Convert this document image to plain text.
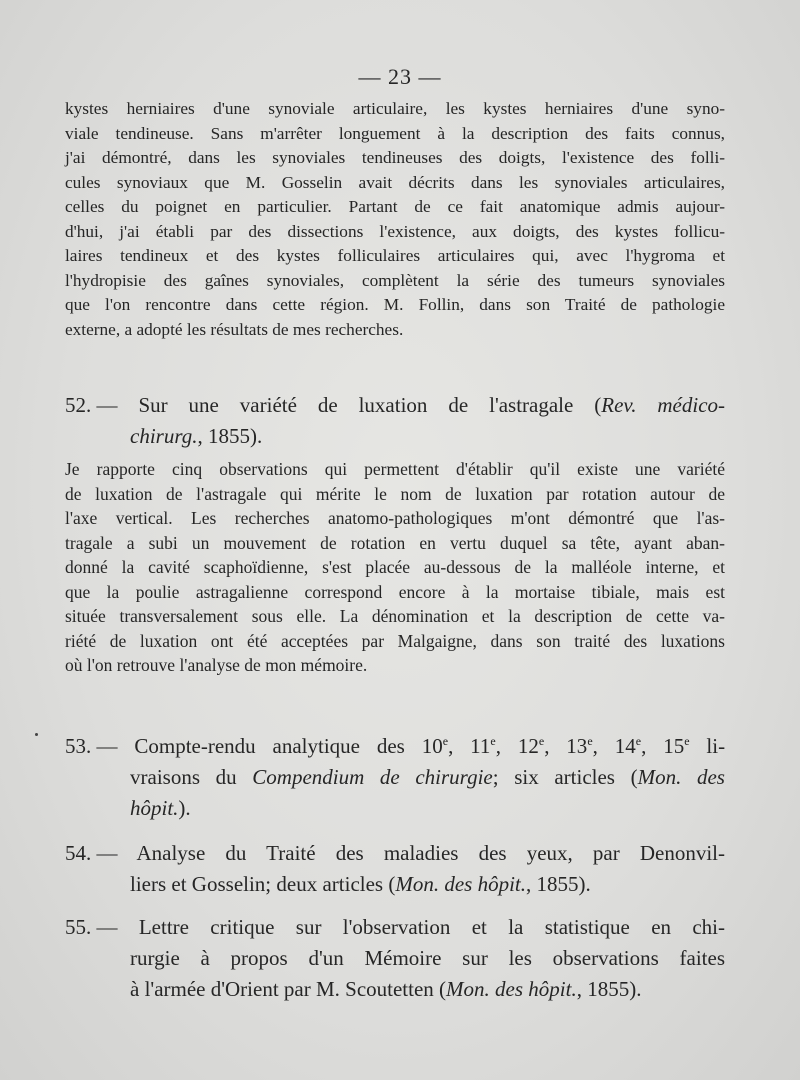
— 23 —
kystes herniaires d'une synoviale articulaire, les kystes herniaires d'une syno-
viale tendineuse. Sans m'arrêter longuement à la description des faits connus,
j'ai démontré, dans les synoviales tendineuses des doigts, l'existence des folli-
cules synoviaux que M. Gosselin avait décrits dans les synoviales articulaires,
celles du poignet en particulier. Partant de ce fait anatomique admis aujour-
d'hui, j'ai établi par des dissections l'existence, aux doigts, des kystes follicu-
laires tendineux et des kystes folliculaires articulaires qui, avec l'hygroma et
l'hydropisie des gaînes synoviales, complètent la série des tumeurs synoviales
que l'on rencontre dans cette région. M. Follin, dans son Traité de pathologie
externe, a adopté les résultats de mes recherches.
52. — Sur une variété de luxation de l'astragale (Rev. médico-
chirurg., 1855).
Je rapporte cinq observations qui permettent d'établir qu'il existe une variété
de luxation de l'astragale qui mérite le nom de luxation par rotation autour de
l'axe vertical. Les recherches anatomo-pathologiques m'ont démontré que l'as-
tragale a subi un mouvement de rotation en vertu duquel sa tête, ayant aban-
donné la cavité scaphoïdienne, s'est placée au-dessous de la malléole interne, et
que la poulie astragalienne correspond encore à la mortaise tibiale, mais est
située transversalement sous elle. La dénomination et la description de cette va-
riété de luxation ont été acceptées par Malgaigne, dans son traité des luxations
où l'on retrouve l'analyse de mon mémoire.
53. — Compte-rendu analytique des 10e, 11e, 12e, 13e, 14e, 15e li-
vraisons du Compendium de chirurgie; six articles (Mon. des
hôpit.).
54. — Analyse du Traité des maladies des yeux, par Denonvil-
liers et Gosselin; deux articles (Mon. des hôpit., 1855).
55. — Lettre critique sur l'observation et la statistique en chi-
rurgie à propos d'un Mémoire sur les observations faites
à l'armée d'Orient par M. Scoutetten (Mon. des hôpit., 1855).
